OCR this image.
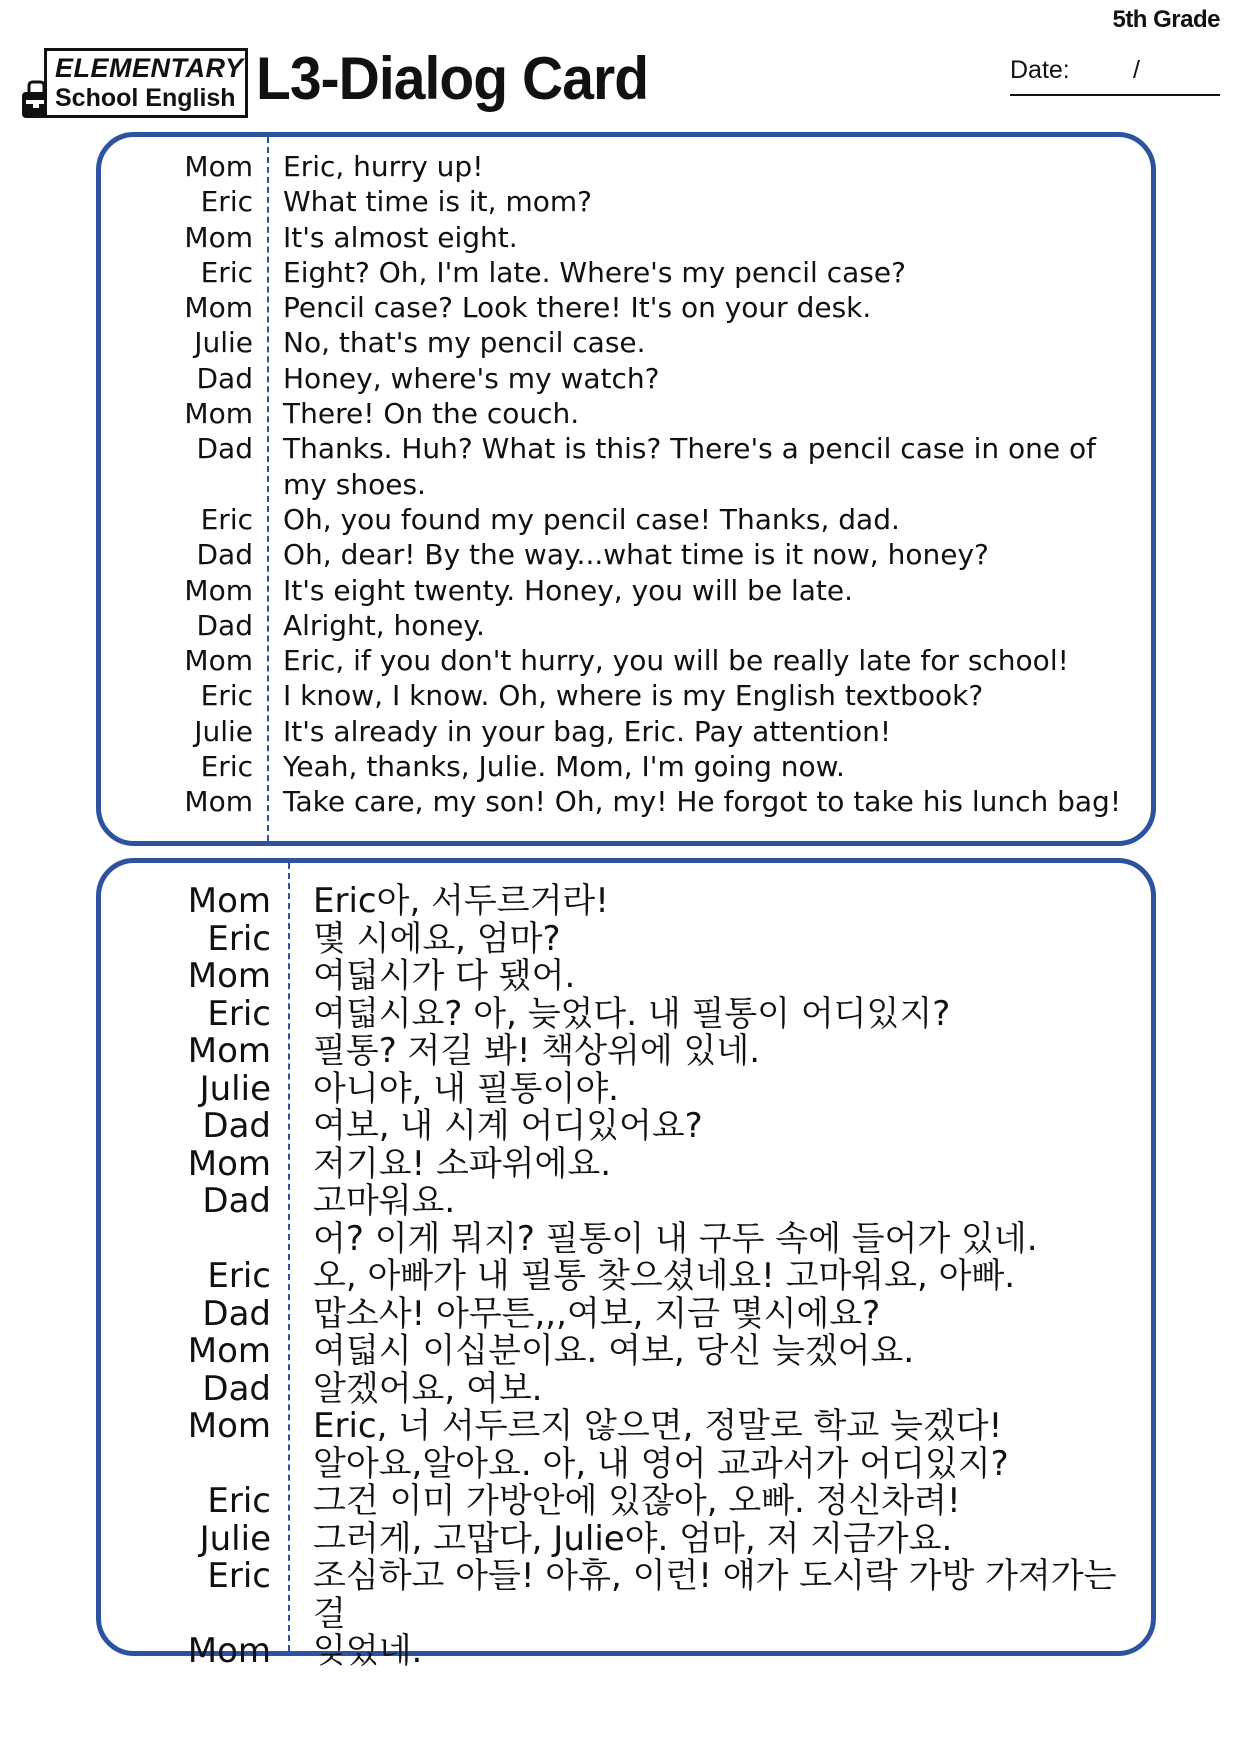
5th Grade
ELEMENTARY
School English L3-Dialog Card	Date:	/
Mom Eric, hurry up!
Eric What time is it, mom?
Mom It's almost eight.
Eric Eight? Oh, I'm late. Where's my pencil case?
Mom Pencil case? Look there! It's on your desk.
Julie No, that's my pencil case.
Dad Honey, where's my watch?
Mom There! On the couch.
Dad Thanks. Huh? What is this? There's a pencil case in one of my shoes.
Eric Oh, you found my pencil case! Thanks, dad.
Dad Oh, dear! By the way...what time is it now, honey?
Mom It's eight twenty. Honey, you will be late.
Dad Alright, honey.
Mom Eric, if you don't hurry, you will be really late for school!
Eric I know, I know. Oh, where is my English textbook?
Julie It's already in your bag, Eric. Pay attention!
Eric Yeah, thanks, Julie. Mom, I'm going now.
Mom Take care, my son! Oh, my! He forgot to take his lunch bag!
Mom Eric아, 서두르거라!
Eric 몇 시에요, 엄마?
Mom 여덟시가 다 됐어.
Eric 여덟시요? 아, 늦었다. 내 필통이 어디있지?
Mom 필통? 저길 봐! 책상위에 있네.
Julie 아니야, 내 필통이야.
Dad 여보, 내 시계 어디있어요?
Mom 저기요! 소파위에요.
Dad 고마워요.
어? 이게 뭐지? 필통이 내 구두 속에 들어가 있네.
Eric 오, 아빠가 내 필통 찾으셨네요! 고마워요, 아빠.
Dad 맙소사! 아무튼,,,여보, 지금 몇시에요?
Mom 여덟시 이십분이요. 여보, 당신 늦겠어요.
Dad 알겠어요, 여보.
Mom Eric, 너 서두르지 않으면, 정말로 학교 늦겠다!
알아요,알아요. 아, 내 영어 교과서가 어디있지?
Eric 그건 이미 가방안에 있잖아, 오빠. 정신차려!
Julie 그러게, 고맙다, Julie야. 엄마, 저 지금가요.
Eric 조심하고 아들! 아휴, 이런! 얘가 도시락 가방 가져가는 걸
Mom 잊었네.
